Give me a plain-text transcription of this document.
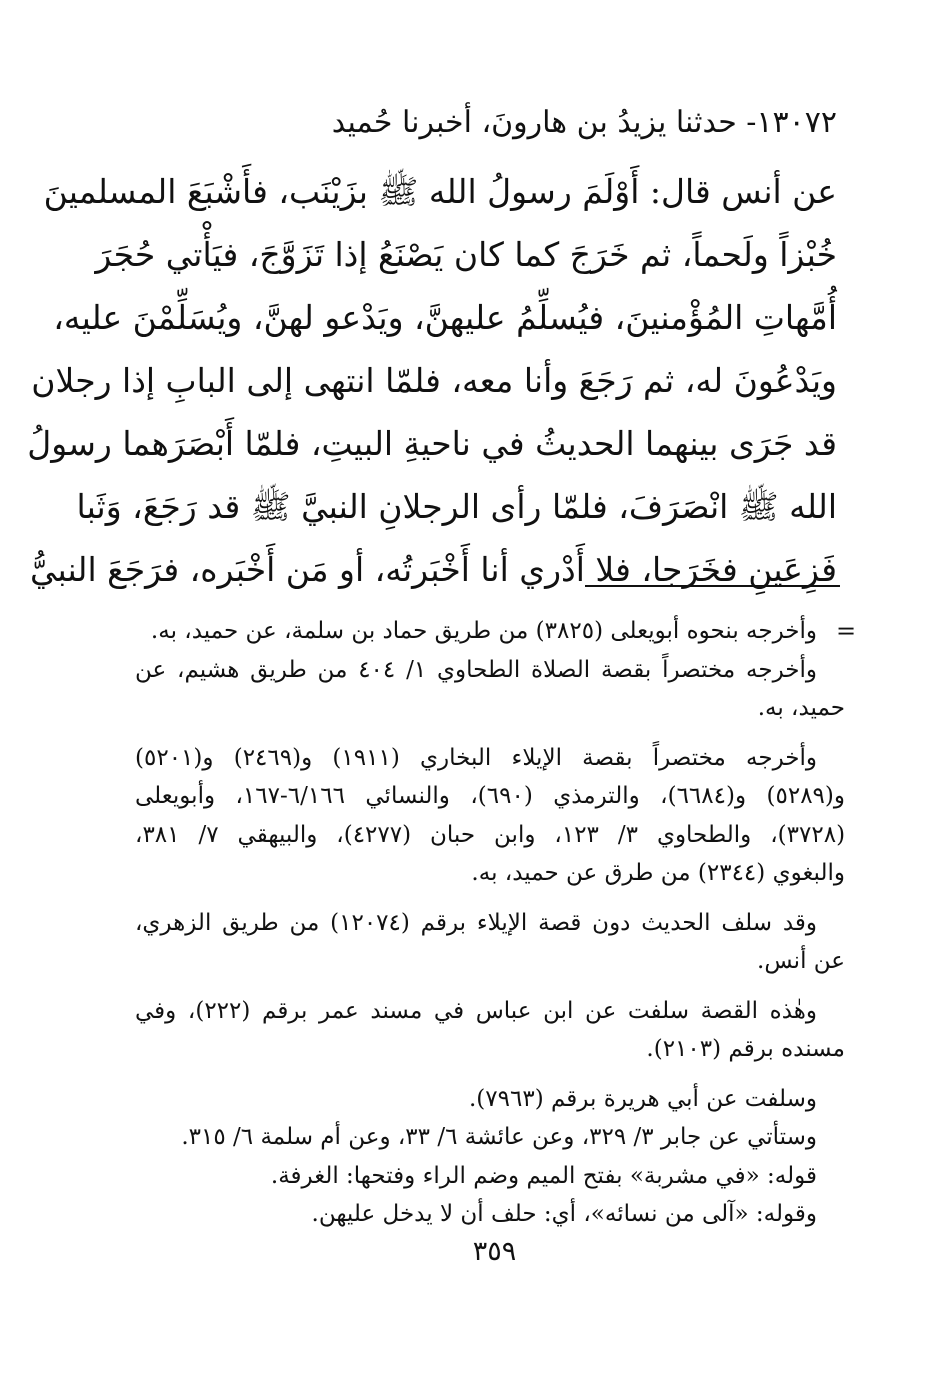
١٣٠٧٢- حدثنا يزيدُ بن هارونَ، أخبرنا حُميد
عن أنس قال: أَوْلَمَ رسولُ الله ﷺ بزَيْنَب، فأَشْبَعَ المسلمينَ
خُبْزاً ولَحماً، ثم خَرَجَ كما كان يَصْنَعُ إذا تَزَوَّجَ، فيَأْتي حُجَرَ
أُمَّهاتِ المُؤْمنينَ، فيُسلِّمُ عليهنَّ، ويَدْعو لهنَّ، ويُسَلِّمْنَ عليه،
ويَدْعُونَ له، ثم رَجَعَ وأنا معه، فلمّا انتهى إلى البابِ إذا رجلان
قد جَرَى بينهما الحديثُ في ناحيةِ البيتِ، فلمّا أَبْصَرَهما رسولُ
الله ﷺ انْصَرَفَ، فلمّا رأى الرجلانِ النبيَّ ﷺ قد رَجَعَ، وَثَبا
فَزِعَينِ فخَرَجا، فلا أَدْري أنا أَخْبَرتُه، أو مَن أَخْبَره، فرَجَعَ النبيُّ
=
وأخرجه بنحوه أبويعلى (٣٨٢٥) من طريق حماد بن سلمة، عن حميد، به.
وأخرجه مختصراً بقصة الصلاة الطحاوي ١/ ٤٠٤ من طريق هشيم، عن
حميد، به.
وأخرجه مختصراً بقصة الإيلاء البخاري (١٩١١) و(٢٤٦٩) و(٥٢٠١)
و(٥٢٨٩) و(٦٦٨٤)، والترمذي (٦٩٠)، والنسائي ٦/١٦٦-١٦٧، وأبويعلى
(٣٧٢٨)، والطحاوي ٣/ ١٢٣، وابن حبان (٤٢٧٧)، والبيهقي ٧/ ٣٨١،
والبغوي (٢٣٤٤) من طرق عن حميد، به.
وقد سلف الحديث دون قصة الإيلاء برقم (١٢٠٧٤) من طريق الزهري،
عن أنس.
وهٰذه القصة سلفت عن ابن عباس في مسند عمر برقم (٢٢٢)، وفي
مسنده برقم (٢١٠٣).
وسلفت عن أبي هريرة برقم (٧٩٦٣).
وستأتي عن جابر ٣/ ٣٢٩، وعن عائشة ٦/ ٣٣، وعن أم سلمة ٦/ ٣١٥.
قوله: «في مشربة» بفتح الميم وضم الراء وفتحها: الغرفة.
وقوله: «آلى من نسائه»، أي: حلف أن لا يدخل عليهن.
٣٥٩
